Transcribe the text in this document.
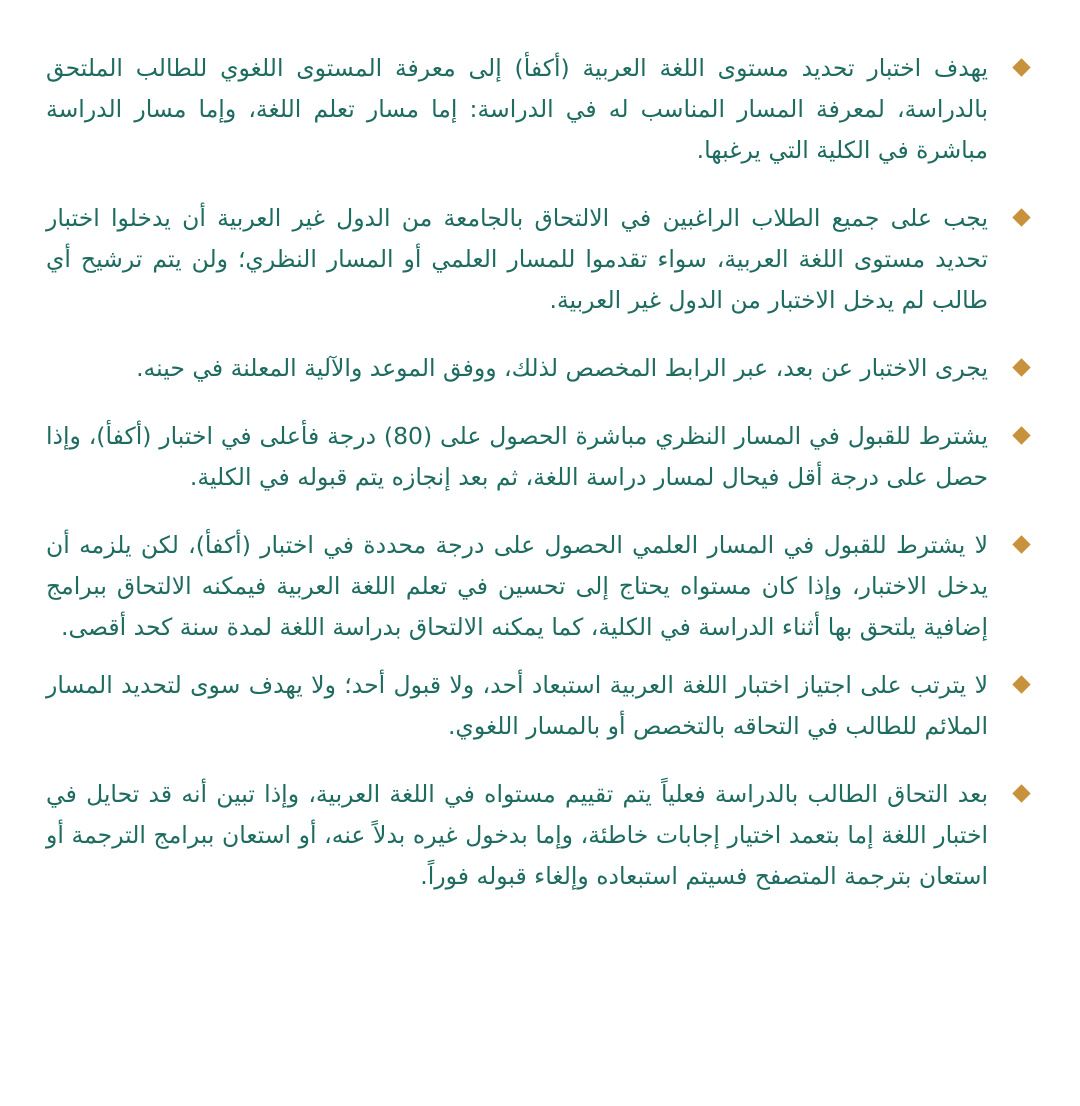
يهدف اختبار تحديد مستوى اللغة العربية (أكفأ) إلى معرفة المستوى اللغوي للطالب الملتحق بالدراسة، لمعرفة المسار المناسب له في الدراسة: إما مسار تعلم اللغة، وإما مسار الدراسة مباشرة في الكلية التي يرغبها.

يجب على جميع الطلاب الراغبين في الالتحاق بالجامعة من الدول غير العربية أن يدخلوا اختبار تحديد مستوى اللغة العربية، سواء تقدموا للمسار العلمي أو المسار النظري؛ ولن يتم ترشيح أي طالب لم يدخل الاختبار من الدول غير العربية.

يجرى الاختبار عن بعد، عبر الرابط المخصص لذلك، ووفق الموعد والآلية المعلنة في حينه.

يشترط للقبول في المسار النظري مباشرة الحصول على (80) درجة فأعلى في اختبار (أكفأ)، وإذا حصل على درجة أقل فيحال لمسار دراسة اللغة، ثم بعد إنجازه يتم قبوله في الكلية.

لا يشترط للقبول في المسار العلمي الحصول على درجة محددة في اختبار (أكفأ)، لكن يلزمه أن يدخل الاختبار، وإذا كان مستواه يحتاج إلى تحسين في تعلم اللغة العربية فيمكنه الالتحاق ببرامج إضافية يلتحق بها أثناء الدراسة في الكلية، كما يمكنه الالتحاق بدراسة اللغة لمدة سنة كحد أقصى.

لا يترتب على اجتياز اختبار اللغة العربية استبعاد أحد، ولا قبول أحد؛ ولا يهدف سوى لتحديد المسار الملائم للطالب في التحاقه بالتخصص أو بالمسار اللغوي.

بعد التحاق الطالب بالدراسة فعلياً يتم تقييم مستواه في اللغة العربية، وإذا تبين أنه قد تحايل في اختبار اللغة إما بتعمد اختيار إجابات خاطئة، وإما بدخول غيره بدلاً عنه، أو استعان ببرامج الترجمة أو استعان بترجمة المتصفح فسيتم استبعاده وإلغاء قبوله فوراً.
